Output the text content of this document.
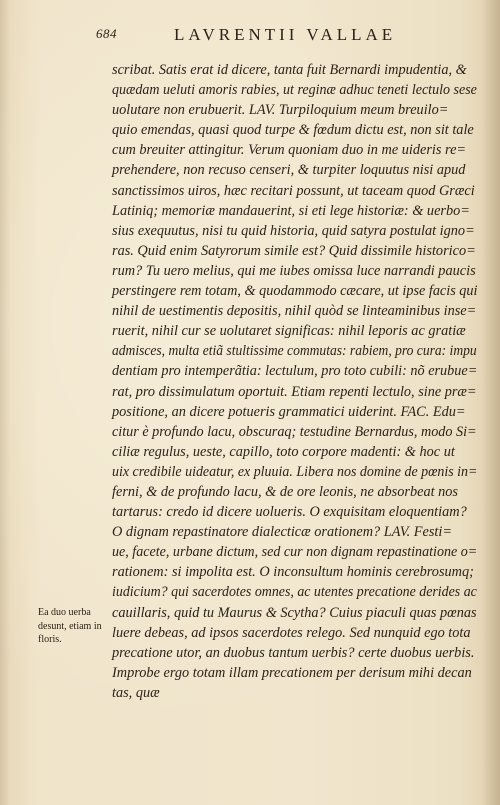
684	LAVRENTII VALLAE
scribat. Satis erat id dicere, tanta fuit Bernardi impudentia, &
quædam ueluti amoris rabies, ut reginæ adhuc teneti lectulo sese
uolutare non erubuerit. LAV. Turpiloquium meum breuilo=
quio emendas, quasi quod turpe & fœdum dictu est, non sit tale
cum breuiter attingitur. Verum quoniam duo in me uideris re=
prehendere, non recuso censeri, & turpiter loquutus nisi apud
sanctissimos uiros, hæc recitari possunt, ut taceam quod Græci
Latiniq; memoriæ mandauerint, si eti lege historiæ: & uerbo=
sius exequutus, nisi tu quid historia, quid satyra postulat igno=
ras. Quid enim Satyrorum simile est? Quid dissimile historico=
rum? Tu uero melius, qui me iubes omissa luce narrandi paucis
perstingere rem totam, & quodammodo cæcare, ut ipse facis qui
nihil de uestimentis depositis, nihil quòd se linteaminibus inse=
ruerit, nihil cur se uolutaret significas: nihil leporis ac gratiæ
admisces, multa etiã stultissime commutas: rabiem, pro cura: impu
dentiam pro intemperãtia: lectulum, pro toto cubili: nõ erubue=
rat, pro dissimulatum oportuit. Etiam repenti lectulo, sine præ=
positione, an dicere potueris grammatici uiderint. FAC. Edu=
citur è profundo lacu, obscuraq; testudine Bernardus, modo Si=
ciliæ regulus, ueste, capillo, toto corpore madenti: & hoc ut
uix credibile uideatur, ex pluuia. Libera nos domine de pœnis in=
ferni, & de profundo lacu, & de ore leonis, ne absorbeat nos
tartarus: credo id dicere uolueris. O exquisitam eloquentiam?
O dignam repastinatore dialecticæ orationem? LAV. Festi=
ue, facete, urbane dictum, sed cur non dignam repastinatione o=
rationem: si impolita est. O inconsultum hominis cerebrosumq;
iudicium? qui sacerdotes omnes, ac utentes precatione derides ac
cauillaris, quid tu Maurus & Scytha? Cuius piaculi quas pœnas
luere debeas, ad ipsos sacerdotes relego. Sed nunquid ego tota
precatione utor, an duobus tantum uerbis? certe duobus uerbis.
Improbe ergo totam illam precationem per derisum mihi decan
tas, quæ
Ea duo uerba
desunt, etiam in
floris.
